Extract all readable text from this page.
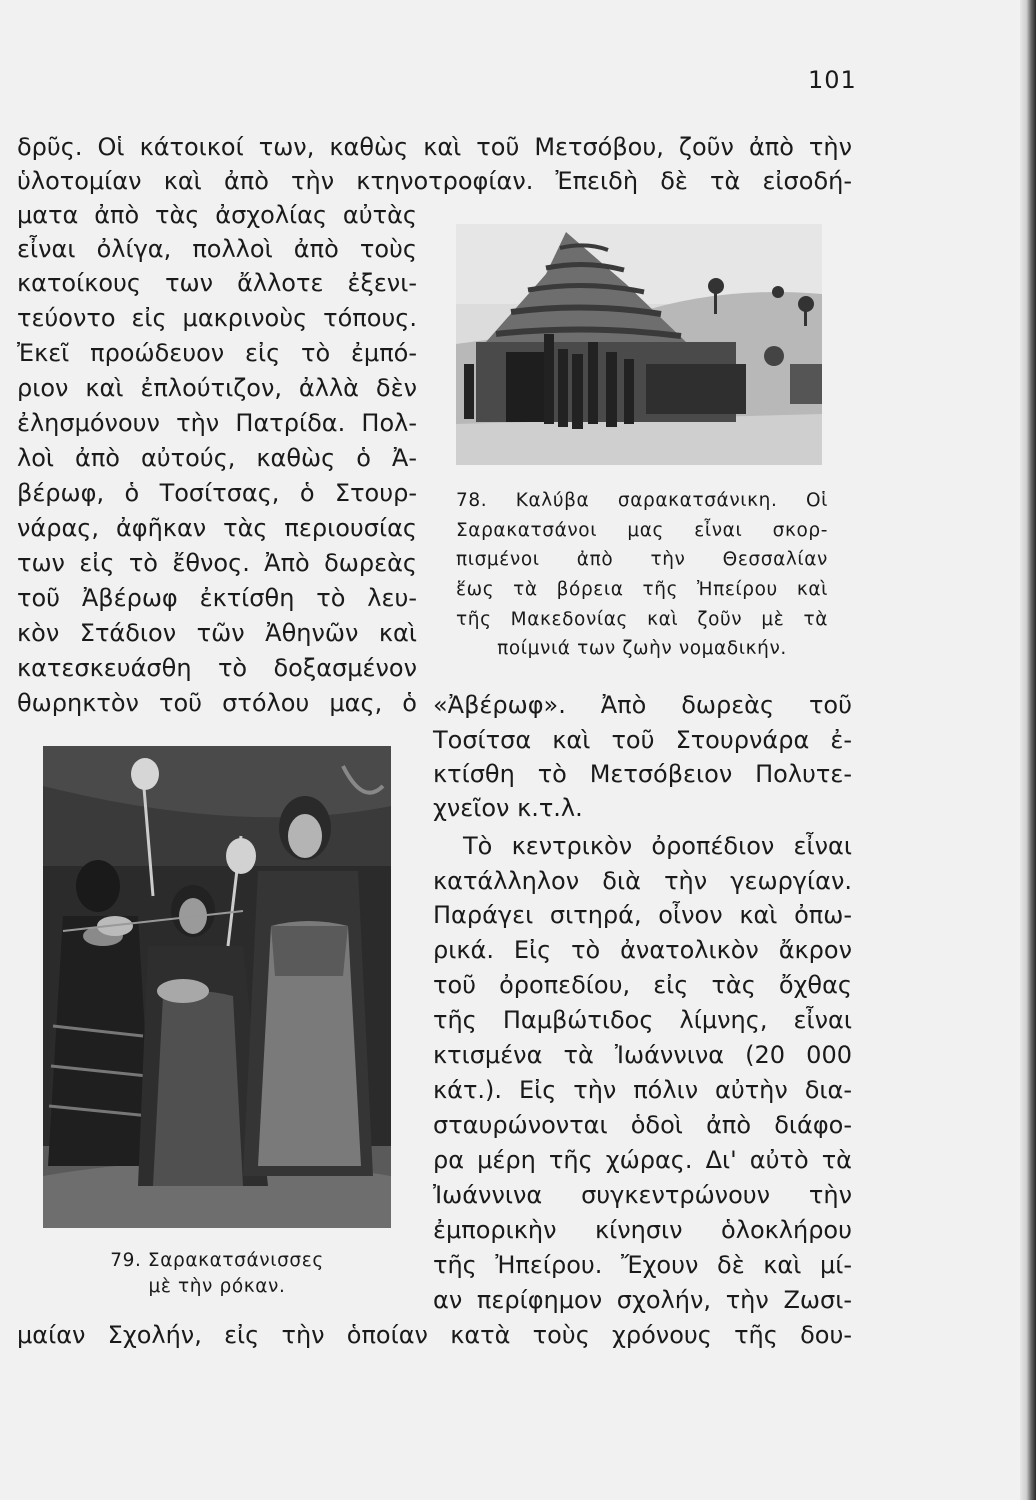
101
δρῦς. Οἱ κάτοικοί των, καθὼς καὶ τοῦ Μετσόβου, ζοῦν ἀπὸ τὴν
ὑλοτομίαν καὶ ἀπὸ τὴν κτηνοτροφίαν. Ἐπειδὴ δὲ τὰ εἰσοδή-
ματα ἀπὸ τὰς ἀσχολίας αὐτὰς
εἶναι ὀλίγα, πολλοὶ ἀπὸ τοὺς
κατοίκους των ἄλλοτε ἐξενι-
τεύοντο εἰς μακρινοὺς τόπους.
Ἐκεῖ προώδευον εἰς τὸ ἐμπό-
ριον καὶ ἐπλούτιζον, ἀλλὰ δὲν
ἐλησμόνουν τὴν Πατρίδα. Πολ-
λοὶ ἀπὸ αὐτούς, καθὼς ὁ Ἀ-
βέρωφ, ὁ Τοσίτσας, ὁ Στουρ-
νάρας, ἀφῆκαν τὰς περιουσίας
των εἰς τὸ ἔθνος. Ἀπὸ δωρεὰς
τοῦ Ἀβέρωφ ἐκτίσθη τὸ λευ-
κὸν Στάδιον τῶν Ἀθηνῶν καὶ
κατεσκευάσθη τὸ δοξασμένον
θωρηκτὸν τοῦ στόλου μας, ὁ
78. Καλύβα σαρακατσάνικη. Οἱ
Σαρακατσάνοι μας εἶναι σκορ-
πισμένοι ἀπὸ τὴν Θεσσαλίαν
ἕως τὰ βόρεια τῆς Ἠπείρου καὶ
τῆς Μακεδονίας καὶ ζοῦν μὲ τὰ
ποίμνιά των ζωὴν νομαδικήν.
«Ἀβέρωφ». Ἀπὸ δωρεὰς τοῦ
Τοσίτσα καὶ τοῦ Στουρνάρα ἐ-
κτίσθη τὸ Μετσόβειον Πολυτε-
χνεῖον κ.τ.λ.
Τὸ κεντρικὸν ὀροπέδιον εἶναι
κατάλληλον διὰ τὴν γεωργίαν.
Παράγει σιτηρά, οἶνον καὶ ὀπω-
ρικά. Εἰς τὸ ἀνατολικὸν ἄκρον
τοῦ ὀροπεδίου, εἰς τὰς ὄχθας
τῆς Παμβώτιδος λίμνης, εἶναι
κτισμένα τὰ Ἰωάννινα (20 000
κάτ.). Εἰς τὴν πόλιν αὐτὴν δια-
σταυρώνονται ὁδοὶ ἀπὸ διάφο-
ρα μέρη τῆς χώρας. Δι' αὐτὸ τὰ
Ἰωάννινα συγκεντρώνουν τὴν
ἐμπορικὴν κίνησιν ὁλοκλήρου
τῆς Ἠπείρου. Ἔχουν δὲ καὶ μί-
αν περίφημον σχολήν, τὴν Ζωσι-
79. Σαρακατσάνισσες
μὲ τὴν ρόκαν.
μαίαν Σχολήν, εἰς τὴν ὁποίαν κατὰ τοὺς χρόνους τῆς δου-
